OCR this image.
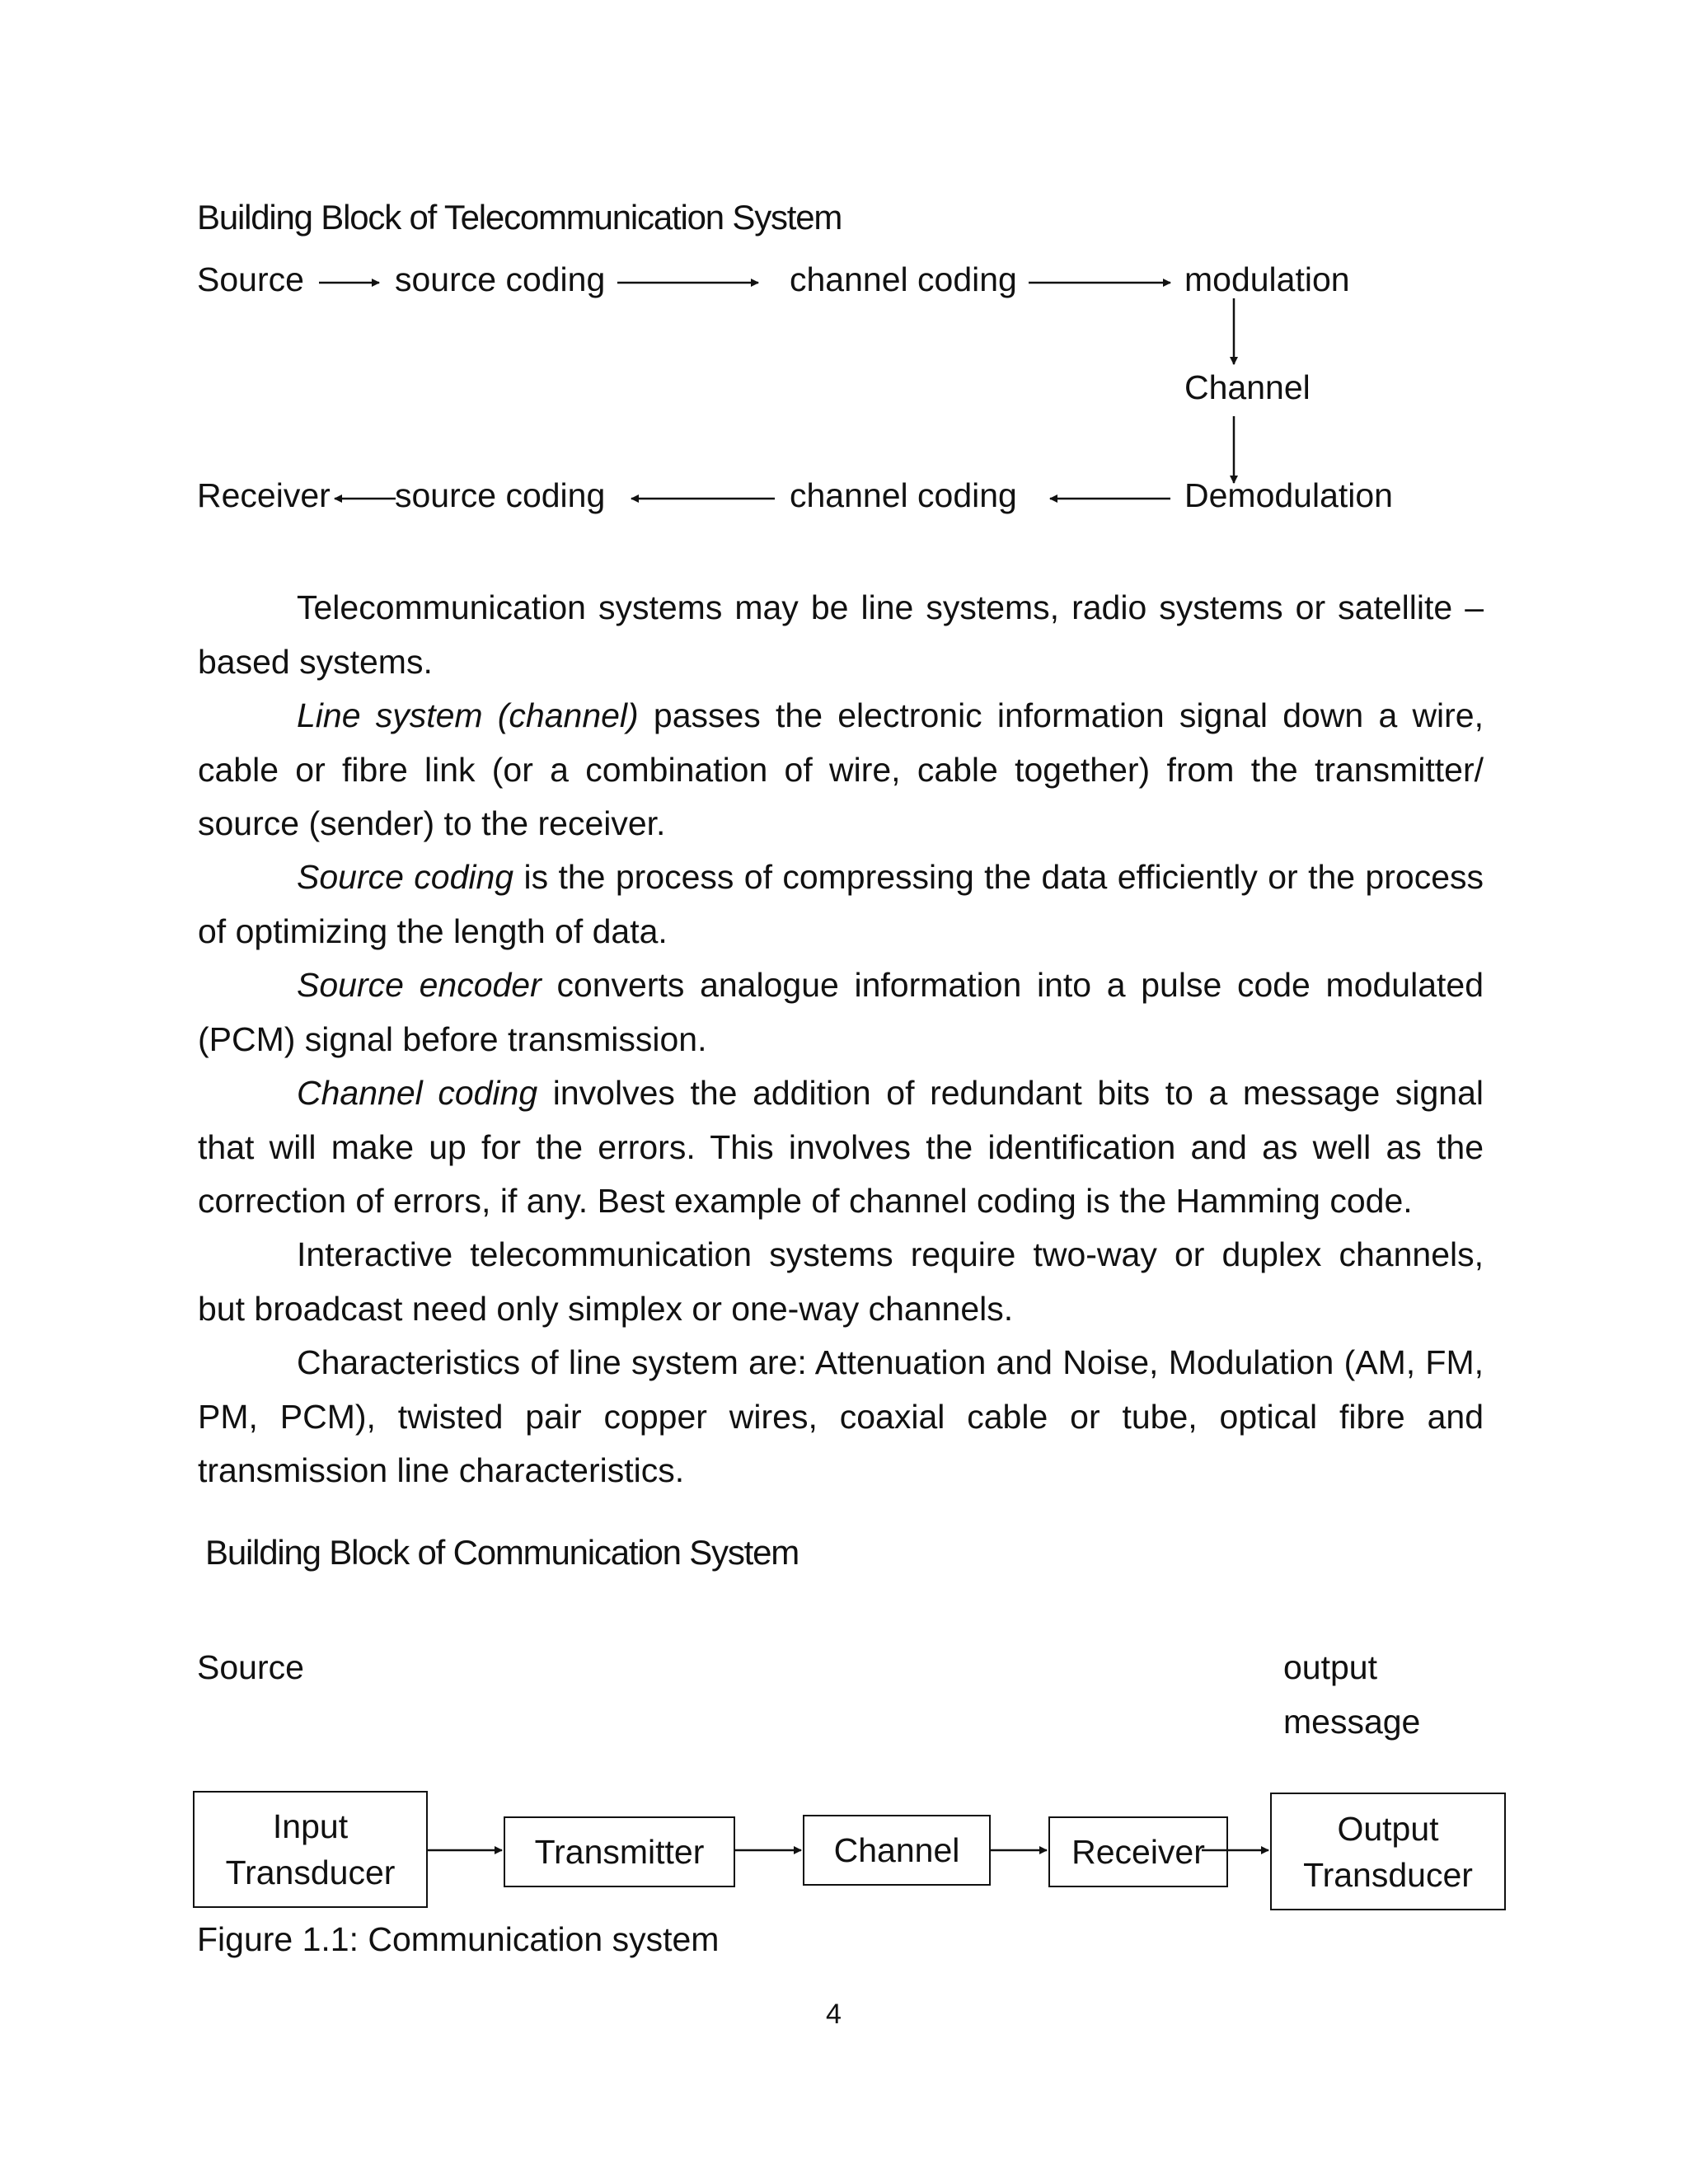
Building Block of Telecommunication System
Source	source coding	channel coding	modulation
Channel
Receiver source coding	channel coding	Demodulation

Telecommunication systems may be line systems, radio systems or satellite – based systems.

Line system (channel) passes the electronic information signal down a wire, cable or fibre link (or a combination of wire, cable together) from the transmitter/ source (sender) to the receiver.

Source coding is the process of compressing the data efficiently or the process of optimizing the length of data.

Source encoder converts analogue information into a pulse code modulated (PCM) signal before transmission.

Channel coding involves the addition of redundant bits to a message signal that will make up for the errors. This involves the identification and as well as the correction of errors, if any. Best example of channel coding is the Hamming code.

Interactive telecommunication systems require two-way or duplex channels, but broadcast need only simplex or one-way channels.

Characteristics of line system are: Attenuation and Noise, Modulation (AM, FM, PM, PCM), twisted pair copper wires, coaxial cable or tube, optical fibre and transmission line characteristics.

Building Block of Communication System
Source	output
message
Input
Transducer
Transmitter	Channel	Receiver
Output
Transducer
Figure 1.1: Communication system
4
